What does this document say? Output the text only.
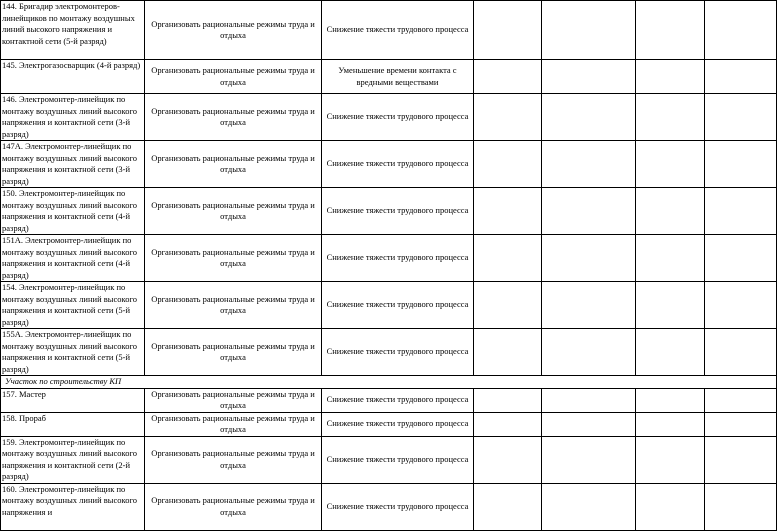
144. Бригадир электромонтеров-линейщиков по монтажу воздушных линий высокого напряжения и контактной сети (5-й разряд)	Организовать рациональные режимы труда и отдыха	Снижение тяжести трудового процесса				

145. Электрогазосварщик (4-й разряд)	Организовать рациональные режимы труда и отдыха	Уменьшение времени контакта с вредными веществами				

146. Электромонтер-линейщик по монтажу воздушных линий высокого напряжения и контактной сети (3-й разряд)	Организовать рациональные режимы труда и отдыха	Снижение тяжести трудового процесса				

147А. Электромонтер-линейщик по монтажу воздушных линий высокого напряжения и контактной сети (3-й разряд)	Организовать рациональные режимы труда и отдыха	Снижение тяжести трудового процесса				

150. Электромонтер-линейщик по монтажу воздушных линий высокого напряжения и контактной сети (4-й разряд)	Организовать рациональные режимы труда и отдыха	Снижение тяжести трудового процесса				

151А. Электромонтер-линейщик по монтажу воздушных линий высокого напряжения и контактной сети (4-й разряд)	Организовать рациональные режимы труда и отдыха	Снижение тяжести трудового процесса				

154. Электромонтер-линейщик по монтажу воздушных линий высокого напряжения и контактной сети (5-й разряд)	Организовать рациональные режимы труда и отдыха	Снижение тяжести трудового процесса				

155А. Электромонтер-линейщик по монтажу воздушных линий высокого напряжения и контактной сети (5-й разряд)	Организовать рациональные режимы труда и отдыха	Снижение тяжести трудового процесса				

Участок по строительству КП						

157. Мастер	Организовать рациональные режимы труда и отдыха	Снижение тяжести трудового процесса				

158. Прораб	Организовать рациональные режимы труда и отдыха	Снижение тяжести трудового процесса				

159. Электромонтер-линейщик по монтажу воздушных линий высокого напряжения и контактной сети (2-й разряд)	Организовать рациональные режимы труда и отдыха	Снижение тяжести трудового процесса				

160. Электромонтер-линейщик по монтажу воздушных линий высокого напряжения и	Организовать рациональные режимы труда и отдыха	Снижение тяжести трудового процесса				
